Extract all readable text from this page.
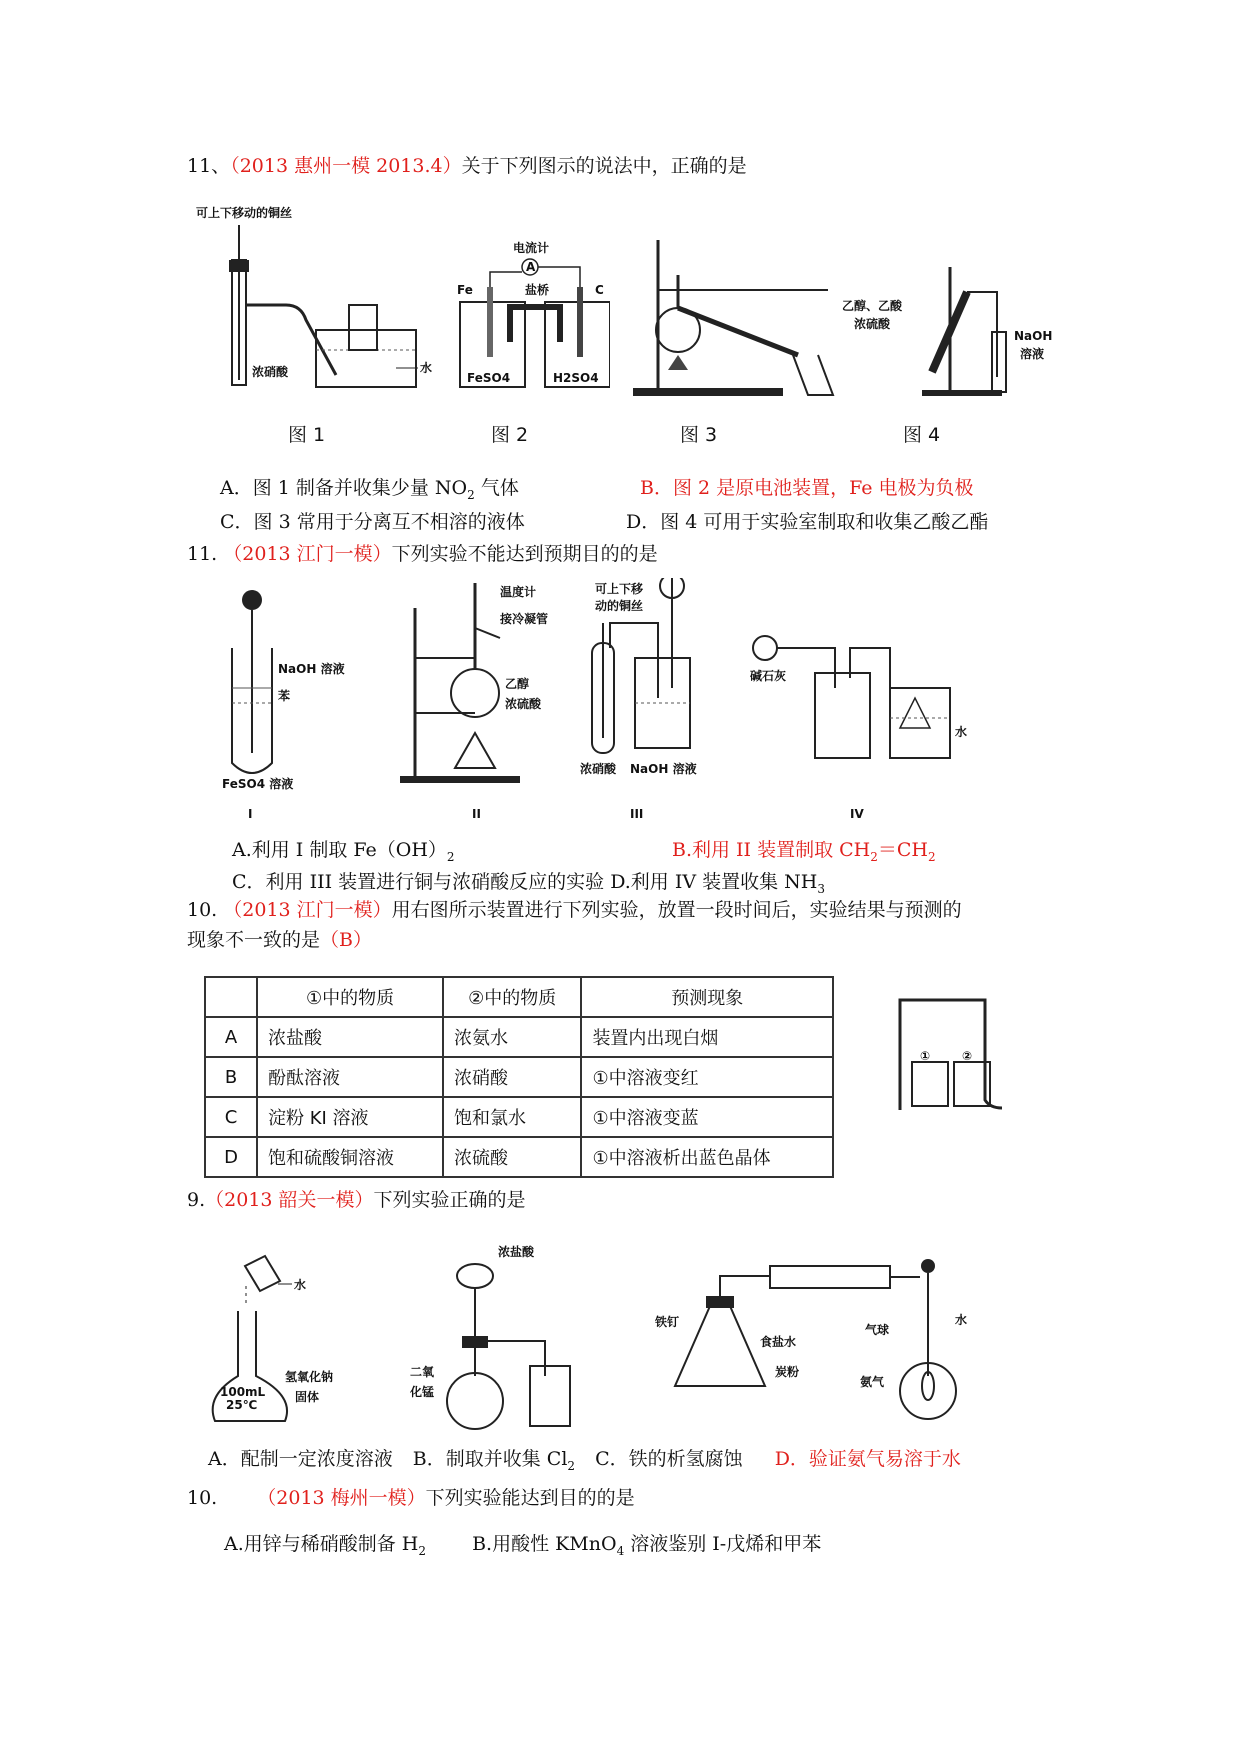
11、（2013 惠州一模 2013.4）关于下列图示的说法中，正确的是
可上下移动的铜丝
浓硝酸	水
电流计
A
Fe	盐桥	C
FeSO4	H2SO4
乙醇、乙酸
浓硫酸
NaOH
溶液
图 1	图 2	图 3	图 4
A．图 1 制备并收集少量 $NO_2$ 气体	B．图 2 是原电池装置，Fe 电极为负极
C．图 3 常用于分离互不相溶的液体	D．图 4 可用于实验室制取和收集乙酸乙酯
11. （2013 江门一模）下列实验不能达到预期目的的是
NaOH 溶液
苯
FeSO4 溶液
I
温度计
接冷凝管
乙醇
浓硫酸
II
可上下移
动的铜丝
浓硝酸 NaOH 溶液
III
碱石灰
水
IV
A.利用 I 制取 $Fe(OH)_2$	B.利用 II 装置制取 $CH_2=CH_2$
C．利用 III 装置进行铜与浓硝酸反应的实验 D.利用 IV 装置收集 $NH_3$
10. （2013 江门一模）用右图所示装置进行下列实验，放置一段时间后，实验结果与预测的
现象不一致的是（B）
	①中的物质	②中的物质	预测现象
A	浓盐酸	浓氨水	装置内出现白烟
B	酚酞溶液	浓硝酸	①中溶液变红
C	淀粉 KI 溶液	饱和氯水	①中溶液变蓝
D	饱和硫酸铜溶液	浓硫酸	①中溶液析出蓝色晶体
①	②
9.（2013 韶关一模）下列实验正确的是
水
100mL
25℃
氢氧化钠
固体
浓盐酸
二氧
化锰
铁钉
食盐水
炭粉
气球
水
氨气
A．配制一定浓度溶液 B．制取并收集 $Cl_2$ C．铁的析氢腐蚀 D．验证氨气易溶于水
10. （2013 梅州一模）下列实验能达到目的的是
A.用锌与稀硝酸制备 $H_2$ B.用酸性 KMnO$_4$ 溶液鉴别 I-戊烯和甲苯
